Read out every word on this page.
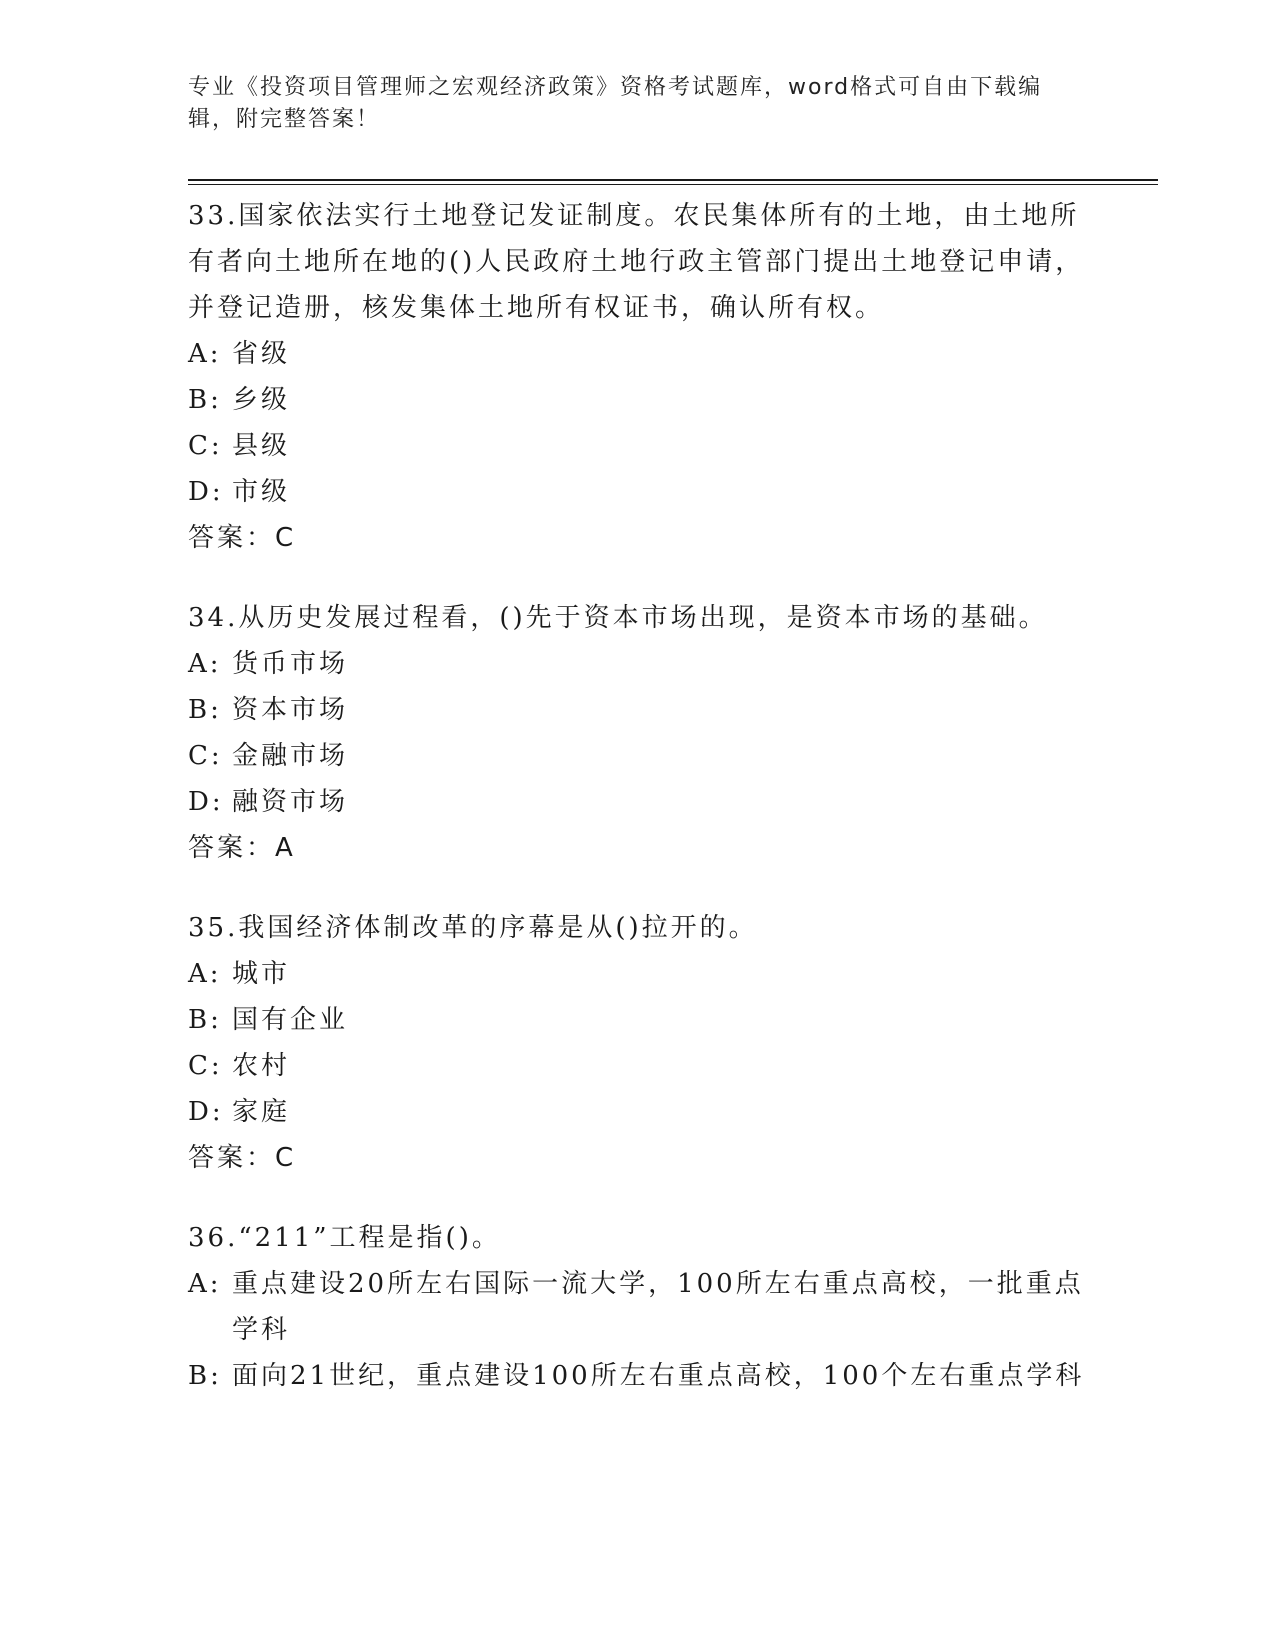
专业《投资项目管理师之宏观经济政策》资格考试题库，word格式可自由下载编辑，附完整答案！

33.国家依法实行土地登记发证制度。农民集体所有的土地，由土地所有者向土地所在地的()人民政府土地行政主管部门提出土地登记申请，并登记造册，核发集体土地所有权证书，确认所有权。

A: 省级
B: 乡级
C: 县级
D: 市级

答案：C

34.从历史发展过程看，()先于资本市场出现，是资本市场的基础。

A: 货币市场
B: 资本市场
C: 金融市场
D: 融资市场

答案：A

35.我国经济体制改革的序幕是从()拉开的。

A: 城市
B: 国有企业
C: 农村
D: 家庭

答案：C

36.“211”工程是指()。

A: 重点建设20所左右国际一流大学，100所左右重点高校，一批重点学科
B: 面向21世纪，重点建设100所左右重点高校，100个左右重点学科
